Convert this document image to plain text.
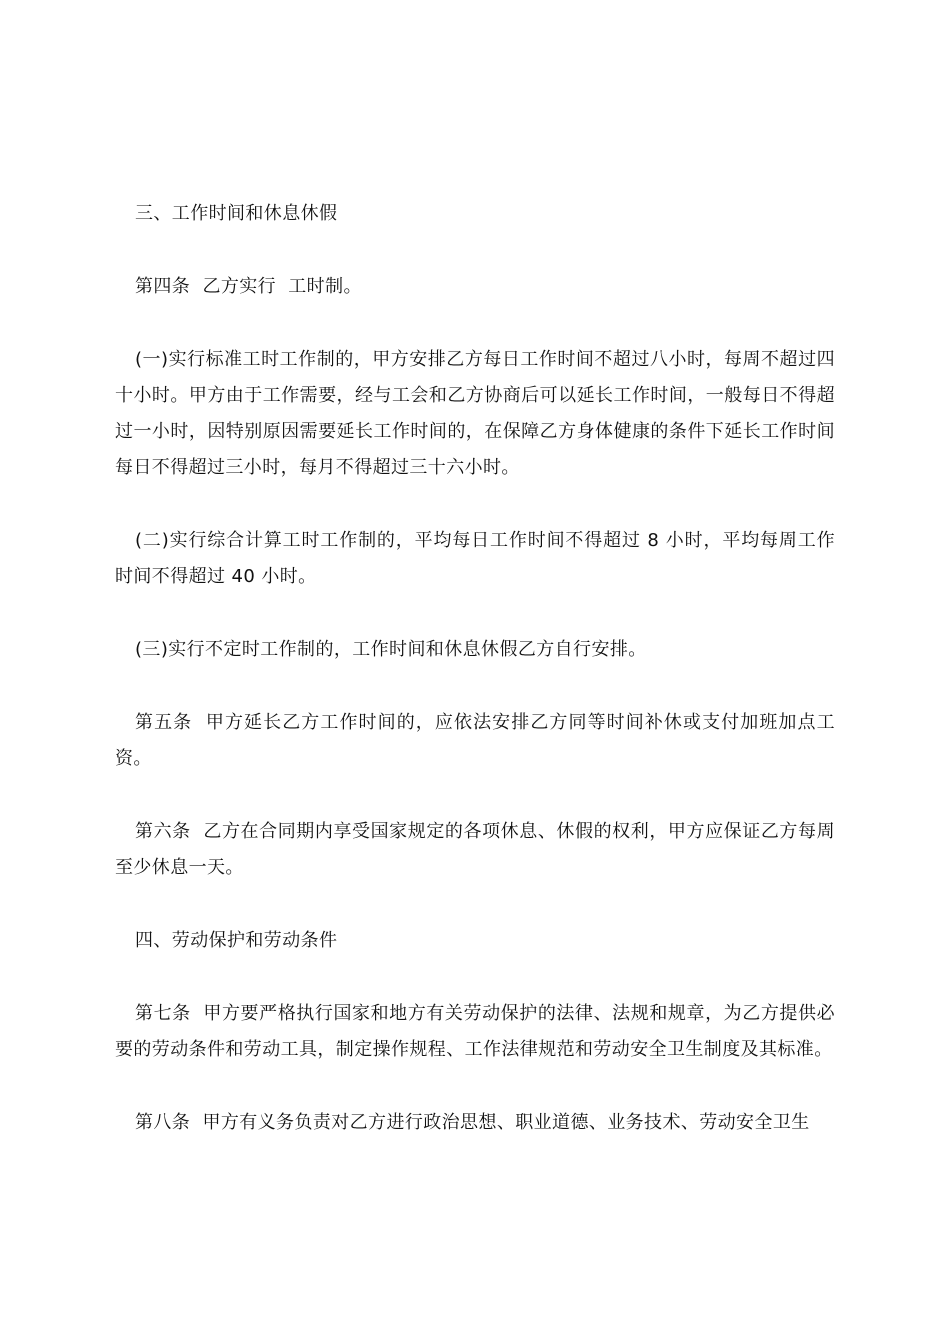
三、工作时间和休息休假

第四条  乙方实行  工时制。

(一)实行标准工时工作制的，甲方安排乙方每日工作时间不超过八小时，每周不超过四十小时。甲方由于工作需要，经与工会和乙方协商后可以延长工作时间，一般每日不得超过一小时，因特别原因需要延长工作时间的，在保障乙方身体健康的条件下延长工作时间每日不得超过三小时，每月不得超过三十六小时。

(二)实行综合计算工时工作制的，平均每日工作时间不得超过 8 小时，平均每周工作时间不得超过 40 小时。

(三)实行不定时工作制的，工作时间和休息休假乙方自行安排。

第五条  甲方延长乙方工作时间的，应依法安排乙方同等时间补休或支付加班加点工资。

第六条  乙方在合同期内享受国家规定的各项休息、休假的权利，甲方应保证乙方每周至少休息一天。

四、劳动保护和劳动条件

第七条  甲方要严格执行国家和地方有关劳动保护的法律、法规和规章，为乙方提供必要的劳动条件和劳动工具，制定操作规程、工作法律规范和劳动安全卫生制度及其标准。

第八条  甲方有义务负责对乙方进行政治思想、职业道德、业务技术、劳动安全卫生
